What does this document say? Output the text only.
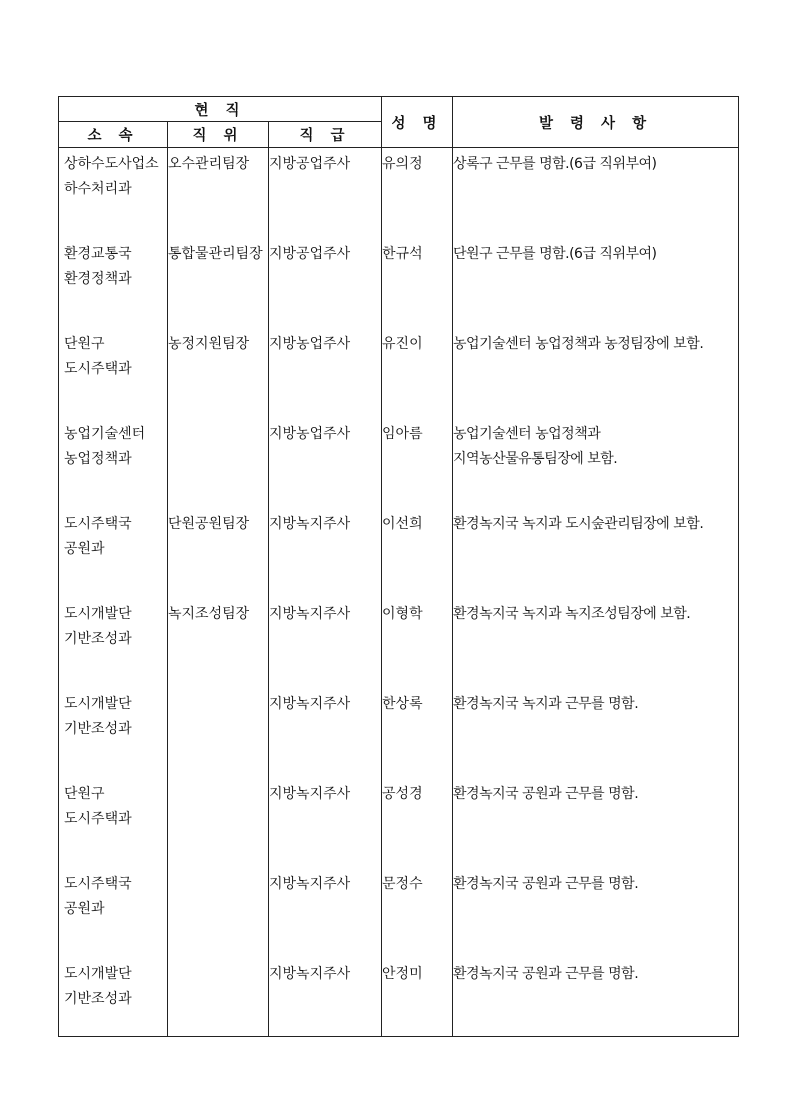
현 직			성 명	발 령 사 항
소 속	직 위	직 급		

상하수도사업소
하수처리과	오수관리팀장	지방공업주사	유의정	상록구 근무를 명함.(6급 직위부여)

환경교통국
환경정책과	통합물관리팀장	지방공업주사	한규석	단원구 근무를 명함.(6급 직위부여)

단원구
도시주택과	농정지원팀장	지방농업주사	유진이	농업기술센터 농업정책과 농정팀장에 보함.

농업기술센터
농업정책과		지방농업주사	임아름	농업기술센터 농업정책과
지역농산물유통팀장에 보함.

도시주택국
공원과	단원공원팀장	지방녹지주사	이선희	환경녹지국 녹지과 도시숲관리팀장에 보함.

도시개발단
기반조성과	녹지조성팀장	지방녹지주사	이형학	환경녹지국 녹지과 녹지조성팀장에 보함.

도시개발단
기반조성과		지방녹지주사	한상록	환경녹지국 녹지과 근무를 명함.

단원구
도시주택과		지방녹지주사	공성경	환경녹지국 공원과 근무를 명함.

도시주택국
공원과		지방녹지주사	문정수	환경녹지국 공원과 근무를 명함.

도시개발단
기반조성과		지방녹지주사	안정미	환경녹지국 공원과 근무를 명함.
